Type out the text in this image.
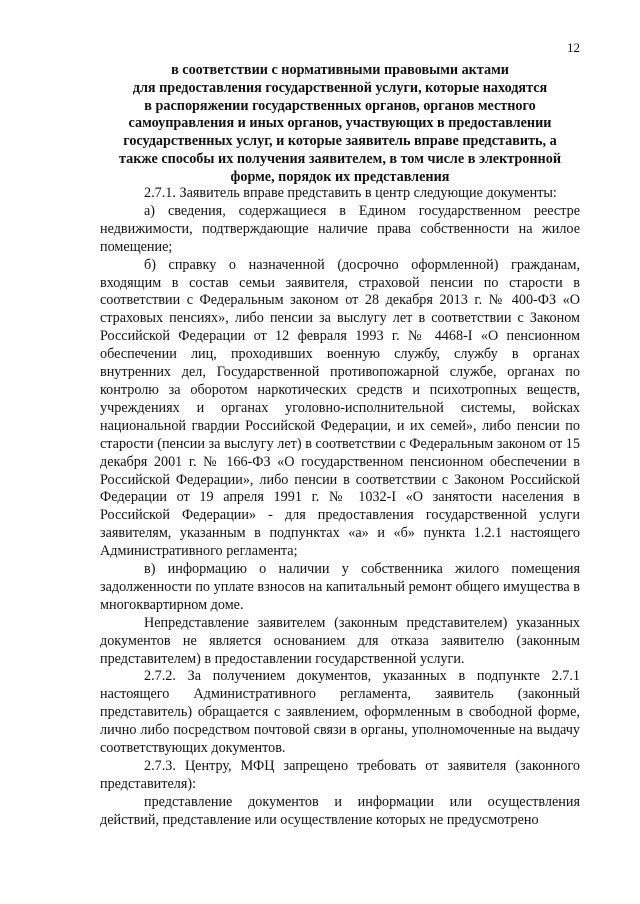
12
в соответствии с нормативными правовыми актами
для предоставления государственной услуги, которые находятся
в распоряжении государственных органов, органов местного
самоуправления и иных органов, участвующих в предоставлении
государственных услуг, и которые заявитель вправе представить, а
также способы их получения заявителем, в том числе в электронной
форме, порядок их представления

2.7.1. Заявитель вправе представить в центр следующие документы:

а) сведения, содержащиеся в Едином государственном реестре недвижимости, подтверждающие наличие права собственности на жилое помещение;

б) справку о назначенной (досрочно оформленной) гражданам, входящим в состав семьи заявителя, страховой пенсии по старости в соответствии с Федеральным законом от 28 декабря 2013 г. № 400-ФЗ «О страховых пенсиях», либо пенсии за выслугу лет в соответствии с Законом Российской Федерации от 12 февраля 1993 г. № 4468-I «О пенсионном обеспечении лиц, проходивших военную службу, службу в органах внутренних дел, Государственной противопожарной службе, органах по контролю за оборотом наркотических средств и психотропных веществ, учреждениях и органах уголовно-исполнительной системы, войсках национальной гвардии Российской Федерации, и их семей», либо пенсии по старости (пенсии за выслугу лет) в соответствии с Федеральным законом от 15 декабря 2001 г. № 166-ФЗ «О государственном пенсионном обеспечении в Российской Федерации», либо пенсии в соответствии с Законом Российской Федерации от 19 апреля 1991 г. № 1032-I «О занятости населения в Российской Федерации» - для предоставления государственной услуги заявителям, указанным в подпунктах «а» и «б» пункта 1.2.1 настоящего Административного регламента;

в) информацию о наличии у собственника жилого помещения задолженности по уплате взносов на капитальный ремонт общего имущества в многоквартирном доме.

Непредставление заявителем (законным представителем) указанных документов не является основанием для отказа заявителю (законным представителем) в предоставлении государственной услуги.

2.7.2. За получением документов, указанных в подпункте 2.7.1 настоящего Административного регламента, заявитель (законный представитель) обращается с заявлением, оформленным в свободной форме, лично либо посредством почтовой связи в органы, уполномоченные на выдачу соответствующих документов.

2.7.3. Центру, МФЦ запрещено требовать от заявителя (законного представителя):

представление документов и информации или осуществления действий, представление или осуществление которых не предусмотрено
